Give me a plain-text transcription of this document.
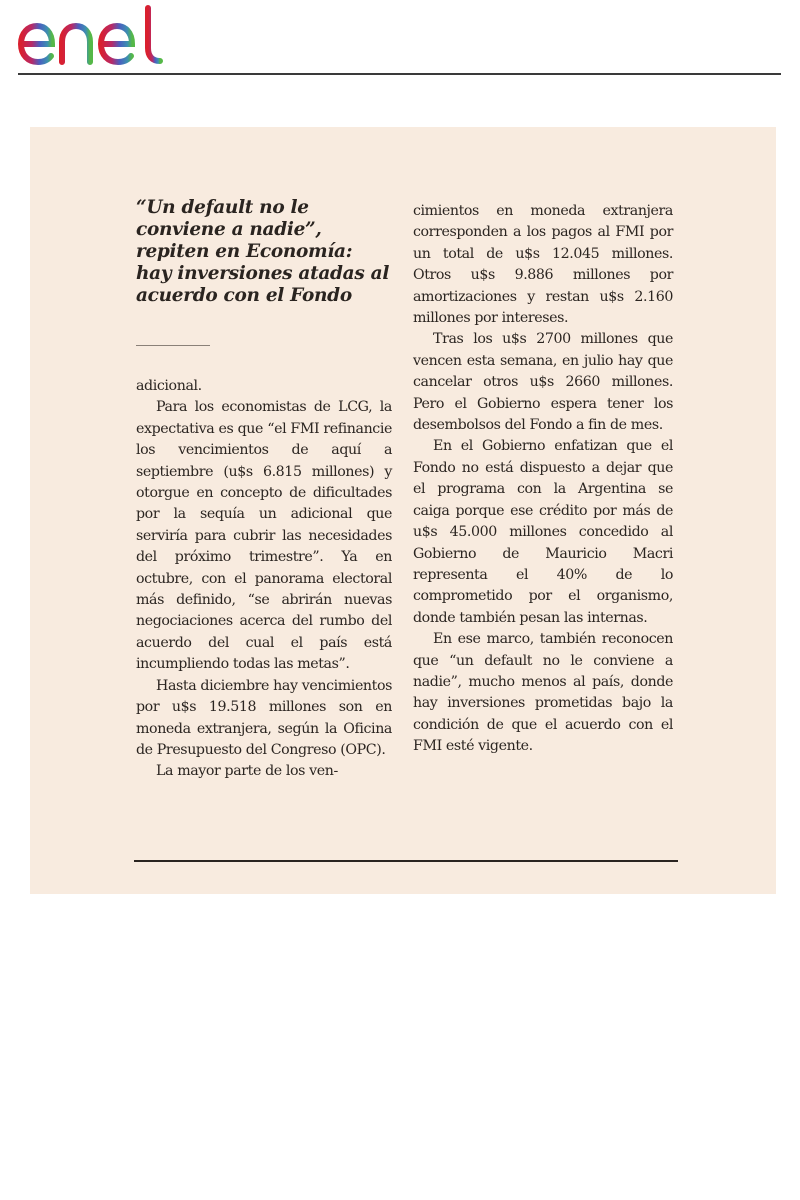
“Un default no le conviene a nadie”, repiten en Economía: hay inversiones atadas al acuerdo con el Fondo

adicional.

Para los economistas de LCG, la expectativa es que “el FMI refinancie los vencimientos de aquí a septiembre (u$s 6.815 millones) y otorgue en concepto de dificultades por la sequía un adicional que serviría para cubrir las necesidades del próximo trimestre”. Ya en octubre, con el panorama electoral más definido, “se abrirán nuevas negociaciones acerca del rumbo del acuerdo del cual el país está incumpliendo todas las metas”.

Hasta diciembre hay vencimientos por u$s 19.518 millones son en moneda extranjera, según la Oficina de Presupuesto del Congreso (OPC).

La mayor parte de los ven-

cimientos en moneda extranjera corresponden a los pagos al FMI por un total de u$s 12.045 millones. Otros u$s 9.886 millones por amortizaciones y restan u$s 2.160 millones por intereses.

Tras los u$s 2700 millones que vencen esta semana, en julio hay que cancelar otros u$s 2660 millones. Pero el Gobierno espera tener los desembolsos del Fondo a fin de mes.

En el Gobierno enfatizan que el Fondo no está dispuesto a dejar que el programa con la Argentina se caiga porque ese crédito por más de u$s 45.000 millones concedido al Gobierno de Mauricio Macri representa el 40% de lo comprometido por el organismo, donde también pesan las internas.

En ese marco, también reconocen que “un default no le conviene a nadie”, mucho menos al país, donde hay inversiones prometidas bajo la condición de que el acuerdo con el FMI esté vigente.
